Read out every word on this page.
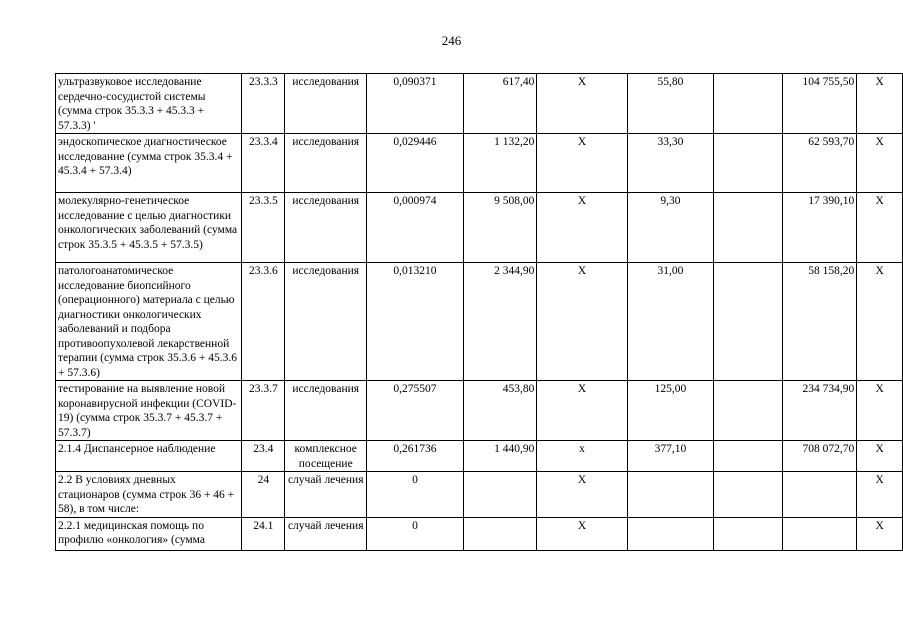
246
ультразвуковое исследование сердечно-сосудистой системы (сумма строк 35.3.3 + 45.3.3 + 57.3.3) '	23.3.3	исследования	0,090371	617,40	X	55,80		104 755,50	X
эндоскопическое диагностическое исследование (сумма строк 35.3.4 + 45.3.4 + 57.3.4)	23.3.4	исследования	0,029446	1 132,20	X	33,30		62 593,70	X
молекулярно-генетическое исследование с целью диагностики онкологических заболеваний (сумма строк 35.3.5 + 45.3.5 + 57.3.5)	23.3.5	исследования	0,000974	9 508,00	X	9,30		17 390,10	X
патологоанатомическое исследование биопсийного (операционного) материала с целью диагностики онкологических заболеваний и подбора противоопухолевой лекарственной терапии (сумма строк 35.3.6 + 45.3.6 + 57.3.6)	23.3.6	исследования	0,013210	2 344,90	X	31,00		58 158,20	X
тестирование на выявление новой коронавирусной инфекции (COVID-19) (сумма строк 35.3.7 + 45.3.7 + 57.3.7)	23.3.7	исследования	0,275507	453,80	X	125,00		234 734,90	X
2.1.4 Диспансерное наблюдение	23.4	комплексное посещение	0,261736	1 440,90	x	377,10		708 072,70	X
2.2 В условиях дневных стационаров (сумма строк 36 + 46 + 58), в том числе:	24	случай лечения	0		X				X
2.2.1 медицинская помощь по профилю «онкология» (сумма	24.1	случай лечения	0		X				X
